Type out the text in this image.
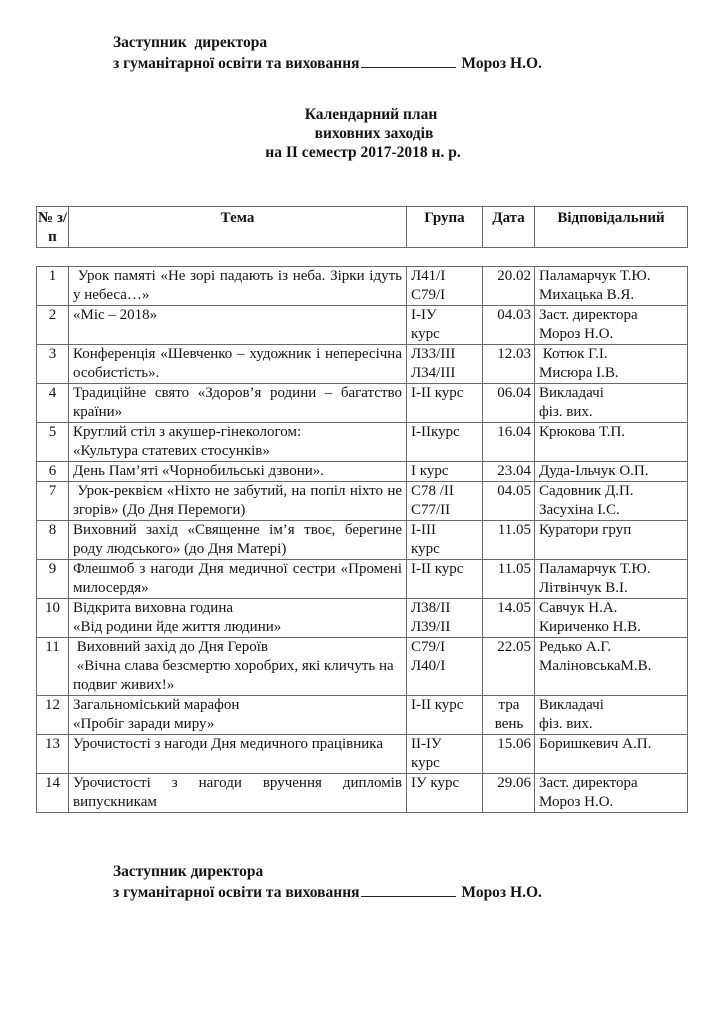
Заступник  директора
з гуманітарної освіти та виховання	Мороз Н.О.
Календарний план
виховних заходів
на ІІ семестр 2017-2018 н. р.
№ з/п	Тема	Група	Дата	Відповідальний
1	Урок памяті «Не зорі падають із неба. Зірки ідуть у небеса…»	Л41/І
С79/І	20.02	Паламарчук Т.Ю.
Михацька В.Я.

2	«Міс – 2018»	І-ІУ
курс	04.03	Заст. директора
Мороз Н.О.

3	Конференція «Шевченко – художник і непересічна особистість».	Л33/ІІІ
Л34/ІІІ	12.03	Котюк Г.І.
Мисюра І.В.

4	Традиційне свято «Здоров’я родини – багатство країни»	І-ІІ курс	06.04	Викладачі
фіз. вих.

5	Круглий стіл з акушер-гінекологом:
«Культура статевих стосунків»	І-ІІкурс	16.04	Крюкова Т.П.

6	День Пам’яті «Чорнобильські дзвони».	І курс	23.04	Дуда-Ільчук О.П.

7	Урок-реквієм «Ніхто не забутий, на попіл ніхто не згорів» (До Дня Перемоги)	С78 /ІІ
С77/ІІ	04.05	Садовник Д.П.
Засухіна І.С.

8	Виховний захід «Священне ім’я твоє, берегине роду людського» (до Дня Матері)	І-ІІІ
курс	11.05	Куратори груп

9	Флешмоб з нагоди Дня медичної сестри «Промені милосердя»	І-ІІ курс	11.05	Паламарчук Т.Ю.
Літвінчук В.І.

10	Відкрита виховна година
«Від родини йде життя людини»	Л38/ІІ
Л39/ІІ	14.05	Савчук Н.А.
Кириченко Н.В.

11	Виховний захід до Дня Героїв
«Вічна слава безсмертю хоробрих, які кличуть на подвиг живих!»	С79/І
Л40/І	22.05	Редько А.Г.
МаліновськаМ.В.

12	Загальноміський марафон
«Пробіг заради миру»	І-ІІ курс	тра
вень	Викладачі
фіз. вих.

13	Урочистості з нагоди Дня медичного працівника	ІІ-ІУ
курс	15.06	Боришкевич А.П.

14	Урочистості з нагоди вручення дипломів випускникам	ІУ курс	29.06	Заст. директора
Мороз Н.О.
Заступник директора
з гуманітарної освіти та виховання	Мороз Н.О.
